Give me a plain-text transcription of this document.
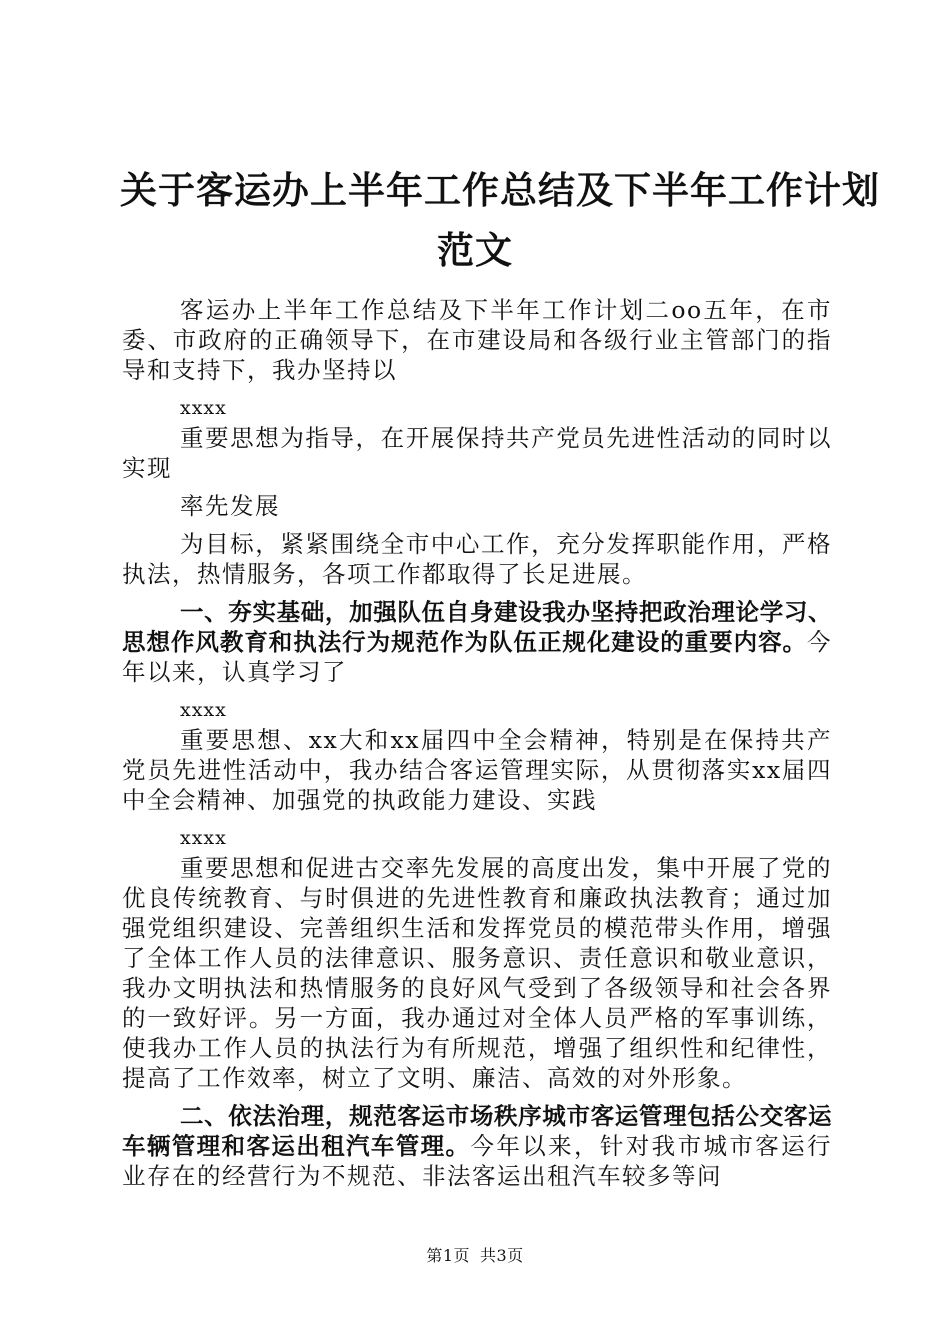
关于客运办上半年工作总结及下半年工作计划
范文

客运办上半年工作总结及下半年工作计划二oo五年，在市委、市政府的正确领导下，在市建设局和各级行业主管部门的指导和支持下，我办坚持以

xxxx

重要思想为指导，在开展保持共产党员先进性活动的同时以实现

率先发展

为目标，紧紧围绕全市中心工作，充分发挥职能作用，严格执法，热情服务，各项工作都取得了长足进展。

一、夯实基础，加强队伍自身建设我办坚持把政治理论学习、思想作风教育和执法行为规范作为队伍正规化建设的重要内容。今年以来，认真学习了

xxxx

重要思想、xx大和xx届四中全会精神，特别是在保持共产党员先进性活动中，我办结合客运管理实际，从贯彻落实xx届四中全会精神、加强党的执政能力建设、实践

xxxx

重要思想和促进古交率先发展的高度出发，集中开展了党的优良传统教育、与时俱进的先进性教育和廉政执法教育；通过加强党组织建设、完善组织生活和发挥党员的模范带头作用，增强了全体工作人员的法律意识、服务意识、责任意识和敬业意识，我办文明执法和热情服务的良好风气受到了各级领导和社会各界的一致好评。另一方面，我办通过对全体人员严格的军事训练，使我办工作人员的执法行为有所规范，增强了组织性和纪律性，提高了工作效率，树立了文明、廉洁、高效的对外形象。

二、依法治理，规范客运市场秩序城市客运管理包括公交客运车辆管理和客运出租汽车管理。今年以来，针对我市城市客运行业存在的经营行为不规范、非法客运出租汽车较多等问

第1页 共3页
